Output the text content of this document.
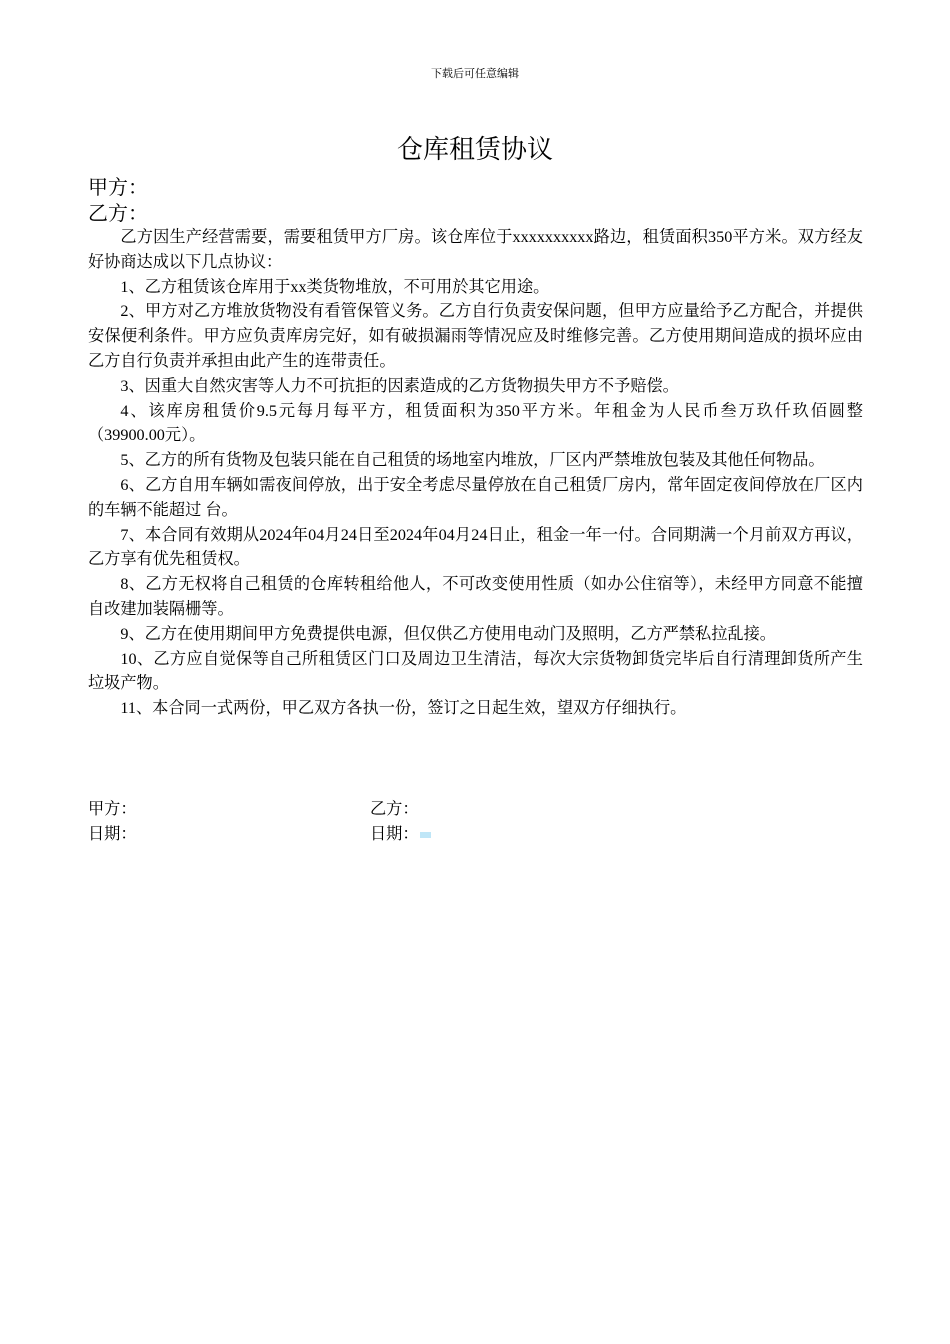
下载后可任意编辑
仓库租赁协议
甲方：
乙方：

乙方因生产经营需要，需要租赁甲方厂房。该仓库位于xxxxxxxxxx路边，租赁面积350平方米。双方经友好协商达成以下几点协议：

1、乙方租赁该仓库用于xx类货物堆放，不可用於其它用途。

2、甲方对乙方堆放货物没有看管保管义务。乙方自行负责安保问题，但甲方应量给予乙方配合，并提供安保便利条件。甲方应负责库房完好，如有破损漏雨等情况应及时维修完善。乙方使用期间造成的损坏应由乙方自行负责并承担由此产生的连带责任。

3、因重大自然灾害等人力不可抗拒的因素造成的乙方货物损失甲方不予赔偿。

4、该库房租赁价9.5元每月每平方，租赁面积为350平方米。年租金为人民币叁万玖仟玖佰圆整（39900.00元）。

5、乙方的所有货物及包装只能在自己租赁的场地室内堆放，厂区内严禁堆放包装及其他任何物品。

6、乙方自用车辆如需夜间停放，出于安全考虑尽量停放在自己租赁厂房内，常年固定夜间停放在厂区内的车辆不能超过 台。

7、本合同有效期从2024年04月24日至2024年04月24日止，租金一年一付。合同期满一个月前双方再议，乙方享有优先租赁权。

8、乙方无权将自己租赁的仓库转租给他人，不可改变使用性质（如办公住宿等），未经甲方同意不能擅自改建加装隔栅等。

9、乙方在使用期间甲方免费提供电源，但仅供乙方使用电动门及照明，乙方严禁私拉乱接。

10、乙方应自觉保等自己所租赁区门口及周边卫生清洁，每次大宗货物卸货完毕后自行清理卸货所产生垃圾产物。

11、本合同一式两份，甲乙双方各执一份，签订之日起生效，望双方仔细执行。

甲方：	乙方：
日期：	日期：
